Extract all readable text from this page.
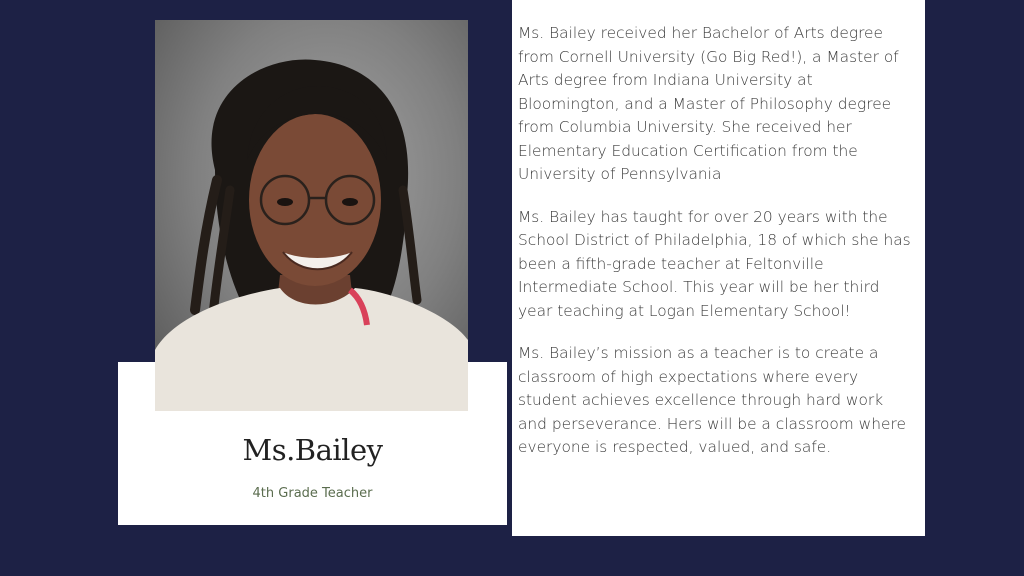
Ms.Bailey

4th Grade Teacher

Ms. Bailey received her Bachelor of Arts degree from Cornell University (Go Big Red!), a Master of Arts degree from Indiana University at Bloomington, and a Master of Philosophy degree from Columbia University. She received her Elementary Education Certification from the University of Pennsylvania

Ms. Bailey has taught for over 20 years with the School District of Philadelphia, 18 of which she has been a fifth-grade teacher at Feltonville Intermediate School. This year will be her third year teaching at Logan Elementary School!

Ms. Bailey’s mission as a teacher is to create a classroom of high expectations where every student achieves excellence through hard work and perseverance. Hers will be a classroom where everyone is respected, valued, and safe.
